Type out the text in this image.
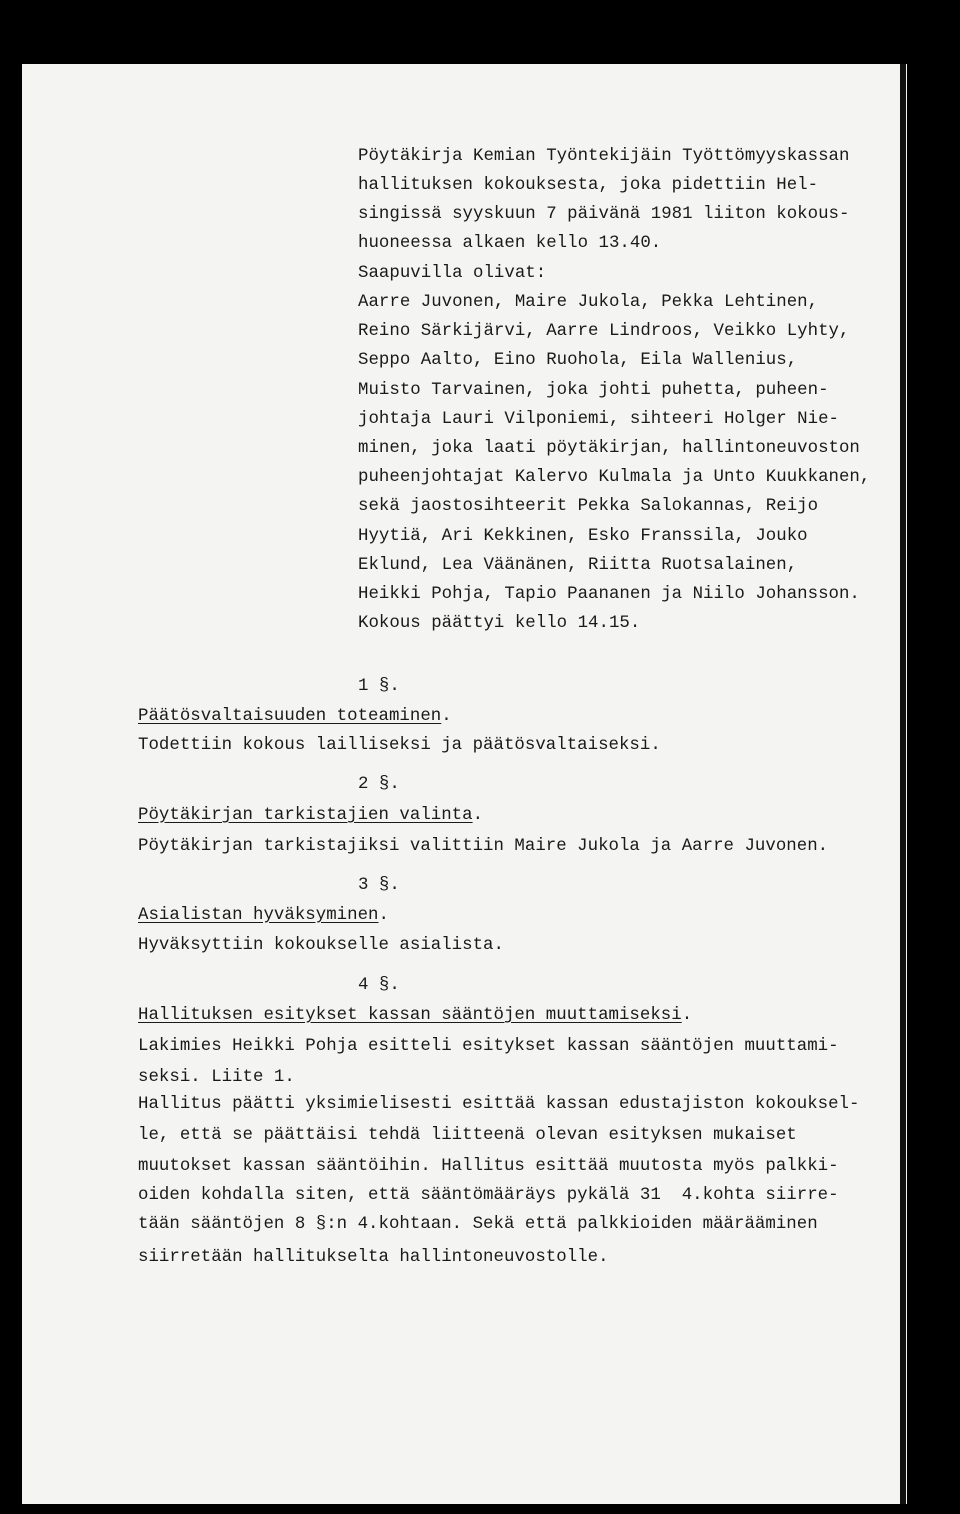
Pöytäkirja Kemian Työntekijäin Työttömyyskassan
hallituksen kokouksesta, joka pidettiin Hel-
singissä syyskuun 7 päivänä 1981 liiton kokous-
huoneessa alkaen kello 13.40.
Saapuvilla olivat:
Aarre Juvonen, Maire Jukola, Pekka Lehtinen,
Reino Särkijärvi, Aarre Lindroos, Veikko Lyhty,
Seppo Aalto, Eino Ruohola, Eila Wallenius,
Muisto Tarvainen, joka johti puhetta, puheen-
johtaja Lauri Vilponiemi, sihteeri Holger Nie-
minen, joka laati pöytäkirjan, hallintoneuvoston
puheenjohtajat Kalervo Kulmala ja Unto Kuukkanen,
sekä jaostosihteerit Pekka Salokannas, Reijo
Hyytiä, Ari Kekkinen, Esko Franssila, Jouko
Eklund, Lea Väänänen, Riitta Ruotsalainen,
Heikki Pohja, Tapio Paananen ja Niilo Johansson.
Kokous päättyi kello 14.15.
1 §.
Päätösvaltaisuuden toteaminen.
Todettiin kokous lailliseksi ja päätösvaltaiseksi.
2 §.
Pöytäkirjan tarkistajien valinta.
Pöytäkirjan tarkistajiksi valittiin Maire Jukola ja Aarre Juvonen.
3 §.
Asialistan hyväksyminen.
Hyväksyttiin kokoukselle asialista.
4 §.
Hallituksen esitykset kassan sääntöjen muuttamiseksi.
Lakimies Heikki Pohja esitteli esitykset kassan sääntöjen muuttami-
seksi. Liite 1.
Hallitus päätti yksimielisesti esittää kassan edustajiston kokouksel-
le, että se päättäisi tehdä liitteenä olevan esityksen mukaiset
muutokset kassan sääntöihin. Hallitus esittää muutosta myös palkki-
oiden kohdalla siten, että sääntömääräys pykälä 31  4.kohta siirre-
tään sääntöjen 8 §:n 4.kohtaan. Sekä että palkkioiden määrääminen
siirretään hallitukselta hallintoneuvostolle.
